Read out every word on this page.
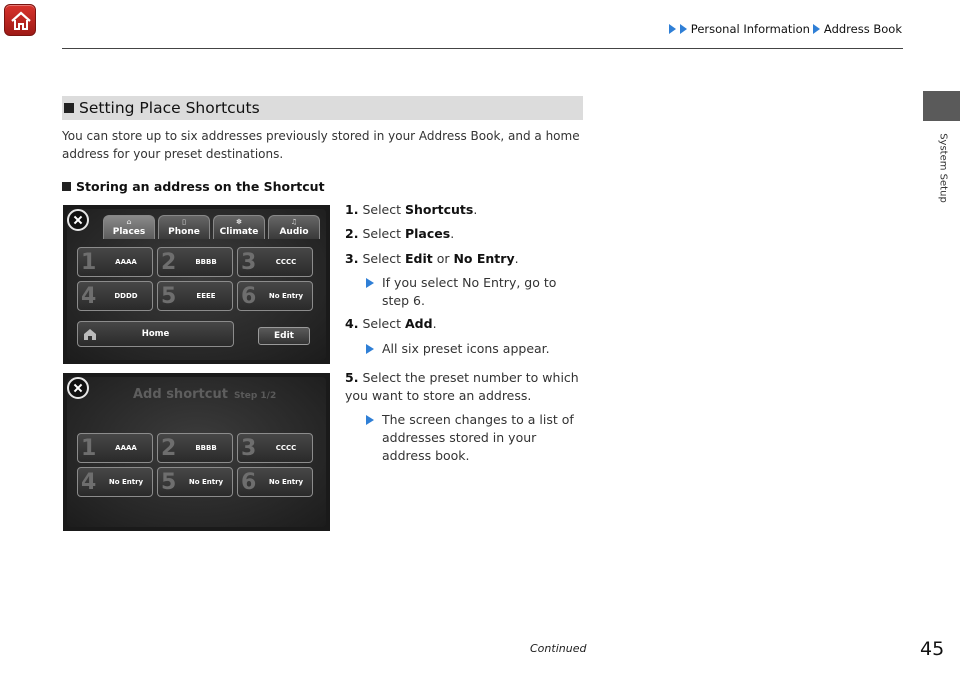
Personal Information Address Book
System Setup
Setting Place Shortcuts
You can store up to six addresses previously stored in your Address Book, and a home address for your preset destinations.
Storing an address on the Shortcut
⌂
Places
▯
Phone
✽
Climate
♫
Audio
1	AAAA	2	BBBB	3	CCCC
4	DDDD	5	EEEE	6	No Entry
Home	Edit
Add shortcut Step 1/2
1	AAAA	2	BBBB	3	CCCC
4	No Entry 5	No Entry 6	No Entry
1. Select Shortcuts.
2. Select Places.
3. Select Edit or No Entry.
If you select No Entry, go to step 6.
4. Select Add.
All six preset icons appear.
5. Select the preset number to which you want to store an address.
The screen changes to a list of addresses stored in your address book.
Continued	45
